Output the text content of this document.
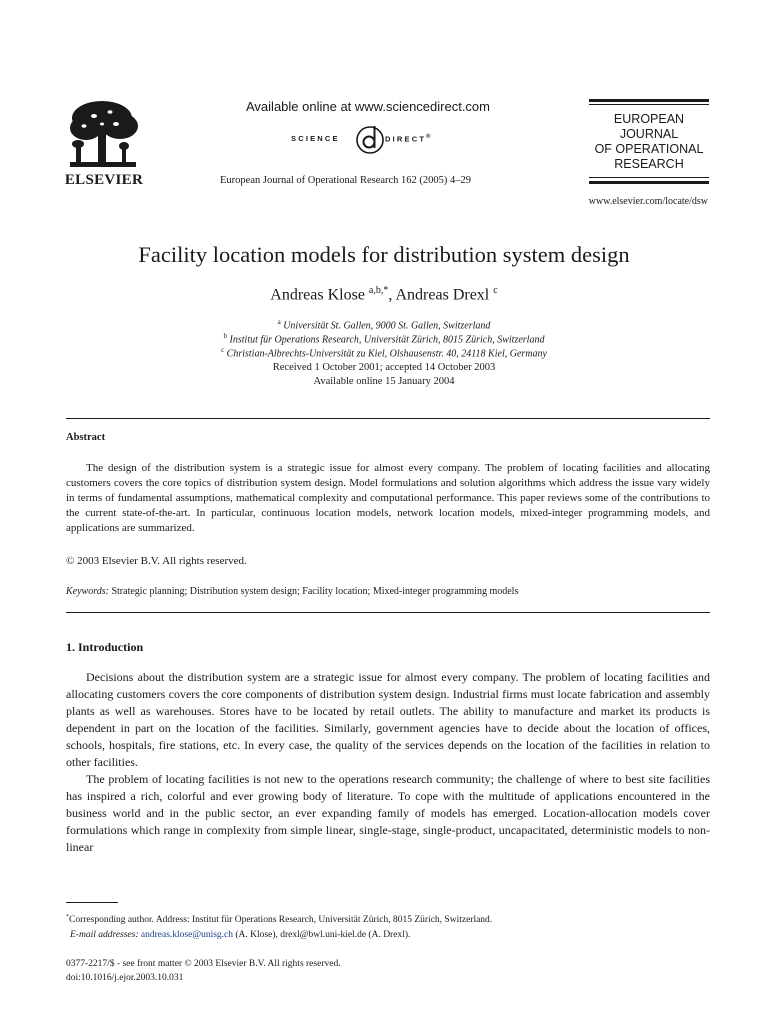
ELSEVIER
Available online at www.sciencedirect.com
SCIENCE	DIRECT®
European Journal of Operational Research 162 (2005) 4–29
EUROPEAN
JOURNAL
OF OPERATIONAL
RESEARCH
www.elsevier.com/locate/dsw
Facility location models for distribution system design
Andreas Klose $^{a,b,*}$, Andreas Drexl $^c$
$^a$ Universität St. Gallen, 9000 St. Gallen, Switzerland
$^b$ Institut für Operations Research, Universität Zürich, 8015 Zürich, Switzerland
$^c$ Christian-Albrechts-Universität zu Kiel, Olshausenstr. 40, 24118 Kiel, Germany
Received 1 October 2001; accepted 14 October 2003
Available online 15 January 2004
Abstract

The design of the distribution system is a strategic issue for almost every company. The problem of locating facilities and allocating customers covers the core topics of distribution system design. Model formulations and solution algorithms which address the issue vary widely in terms of fundamental assumptions, mathematical complexity and computational performance. This paper reviews some of the contributions to the current state-of-the-art. In particular, continuous location models, network location models, mixed-integer programming models, and applications are summarized.

© 2003 Elsevier B.V. All rights reserved.
Keywords: Strategic planning; Distribution system design; Facility location; Mixed-integer programming models
1. Introduction

Decisions about the distribution system are a strategic issue for almost every company. The problem of locating facilities and allocating customers covers the core components of distribution system design. Industrial firms must locate fabrication and assembly plants as well as warehouses. Stores have to be located by retail outlets. The ability to manufacture and market its products is dependent in part on the location of the facilities. Similarly, government agencies have to decide about the location of offices, schools, hospitals, fire stations, etc. In every case, the quality of the services depends on the location of the facilities in relation to other facilities.

The problem of locating facilities is not new to the operations research community; the challenge of where to best site facilities has inspired a rich, colorful and ever growing body of literature. To cope with the multitude of applications encountered in the business world and in the public sector, an ever expanding family of models has emerged. Location-allocation models cover formulations which range in complexity from simple linear, single-stage, single-product, uncapacitated, deterministic models to non-linear

*Corresponding author. Address: Institut für Operations Research, Universität Zürich, 8015 Zürich, Switzerland.
E-mail addresses: andreas.klose@unisg.ch (A. Klose), drexl@bwl.uni-kiel.de (A. Drexl).
0377-2217/$ - see front matter © 2003 Elsevier B.V. All rights reserved.
doi:10.1016/j.ejor.2003.10.031
